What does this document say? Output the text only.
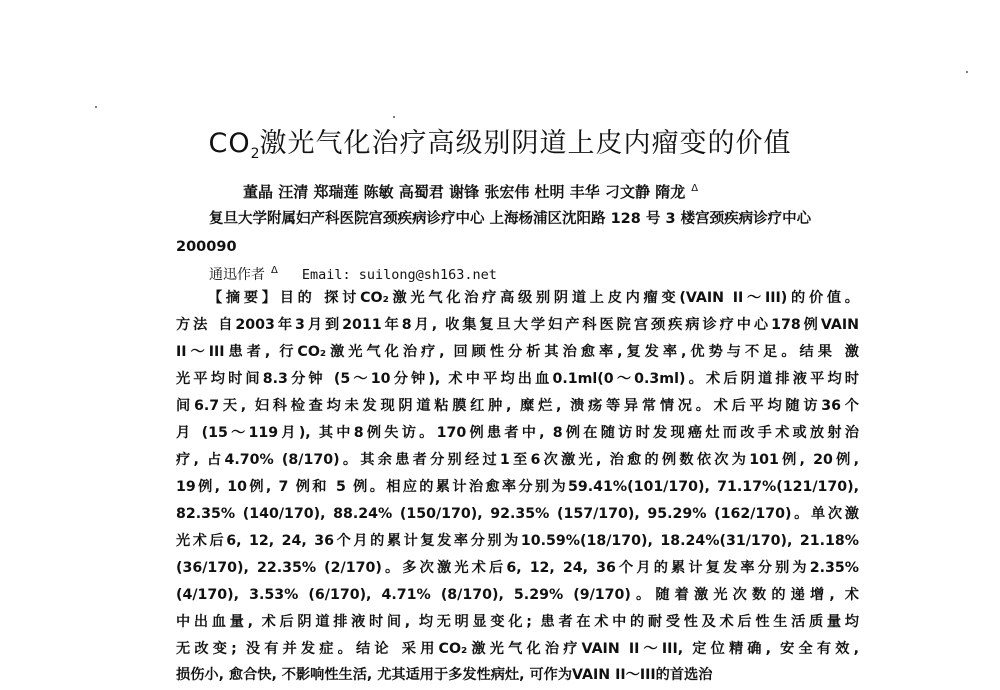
$CO_2$激光气化治疗高级别阴道上皮内瘤变的价值
董晶 汪清 郑瑞莲 陈敏 高蜀君 谢锋 张宏伟 杜明 丰华 刁文静 隋龙 $^\Delta$
复旦大学附属妇产科医院宫颈疾病诊疗中心 上海杨浦区沈阳路 128 号 3 楼宫颈疾病诊疗中心 200090
通迅作者 $^\Delta$ Email: suilong@sh163.net
【摘要】目的 探讨CO₂激光气化治疗高级别阴道上皮内瘤变(VAIN II～III)的价值。
方法 自2003年3月到2011年8月, 收集复旦大学妇产科医院宫颈疾病诊疗中心178例VAIN
II～III患者, 行CO₂激光气化治疗, 回顾性分析其治愈率,复发率,优势与不足。结果 激
光平均时间8.3分钟 (5～10分钟), 术中平均出血0.1ml(0～0.3ml)。术后阴道排液平均时
间6.7天, 妇科检查均未发现阴道粘膜红肿, 糜烂, 溃疡等异常情况。术后平均随访36个
月 (15～119月), 其中8例失访。170例患者中, 8例在随访时发现癌灶而改手术或放射治
疗, 占4.70% (8/170)。其余患者分别经过1至6次激光, 治愈的例数依次为101例, 20例,
19例, 10例, 7 例和 5 例。相应的累计治愈率分别为59.41%(101/170), 71.17%(121/170),
82.35% (140/170), 88.24% (150/170), 92.35% (157/170), 95.29% (162/170)。单次激
光术后6, 12, 24, 36个月的累计复发率分别为10.59%(18/170), 18.24%(31/170), 21.18%
(36/170), 22.35% (2/170)。多次激光术后6, 12, 24, 36个月的累计复发率分别为2.35%
(4/170), 3.53% (6/170), 4.71% (8/170), 5.29% (9/170)。随着激光次数的递增, 术
中出血量, 术后阴道排液时间, 均无明显变化; 患者在术中的耐受性及术后性生活质量均
无改变; 没有并发症。结论 采用CO₂激光气化治疗VAIN II～III, 定位精确, 安全有效,
损伤小, 愈合快, 不影响性生活, 尤其适用于多发性病灶, 可作为VAIN II～III的首选治
